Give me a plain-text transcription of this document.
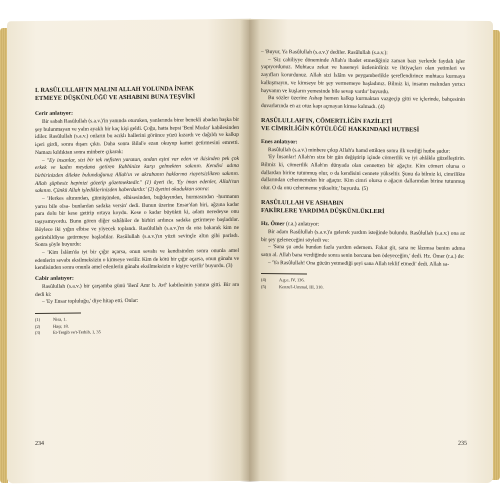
I. RASÛLULLAH'IN MALINI ALLAH YOLUNDA İNFAK
ETMEYE DÜŞKÜNLÜĞÜ VE ASHABINI BUNA TEŞVİKİ
Cerir anlatıyor:

Bir sabah Rasûlullah (s.a.v.)'in yanında oturuken, yanlarında birer benekli abadan başka bir şey bulunmayan ve yalın ayaklı bir kaç kişi geldi. Çoğu, hatta hepsi 'Benî Mudar' kabilesinden idiler. Rasûlullah (s.a.v.) onların bu acıklı hallerini görünce yüzü kızardı ve dağıldı ve kalkıp içeri girdi, sonra dışarı çıktı. Daha sonra Bilal'e ezan okuyup kamet getirmesini emretti. Namazı kıldıktan sonra minbere çıkarak:

– "Ey insanlar, sizi bir tek nefisten yaratan, ondan eşini var eden ve ikisinden pek çok erkek ve kadın meydana getiren Rabbinize karşı gelmekten sakının. Kendisi adına birbirinizden dilekte bulunduğunuz Allah'ın ve akrabanın haklarına riayetsizlikten sakının. Allah şüphesiz hepinizi gözetip gözetmektedir." (1) âyeti ile, 'Ey iman edenler, Allah'tan sakının. Çünkü Allah işlediklerinizden haberdardır.' (2) âyetini okuduktan sonra:

– 'Herkes altınından, gümüşünden, elbisesinden, buğdayından, hurmasından -hurmanın yarısı bile olsa- bunlardan sadaka versin' dedi. Bunun üzerine Ensar'dan biri, ağzına kadar para dolu bir kese getirip ortaya koydu. Kese o kadar büyüktü ki, adam neredeyse onu taşıyamıyordu. Bunu gören diğer sahâbiler de birbiri ardınca sadaka getirmeye başladılar. Böylece iki yığın elbise ve yiyecek toplandı. Rasûlullah (s.a.v.)'ın da ona bakarak kim ne getirebildiyse getirmeye başladılar. Rasûlullah (s.a.v.)'ın yüzü sevinçle altın gibi parladı. Sonra şöyle buyurdu:

– 'Kim İslâm'da iyi bir çığır açarsa, onun sevabı ve kendisinden sonra onunla amel edenlerin sevabı eksilmeksizin o kimseye verilir. Kim de kötü bir çığır açarsa, onun günahı ve kendisinden sonra onunla amel edenlerin günahı eksilmeksizin o kişiye verilir' buyurdu. (3)

Cabir anlatıyor:

Rasûlullah (s.a.v.) bir çarşamba günü 'Benî Amr b. Avf' kabilesinin yanına gitti. Bir ara dedi ki:

– 'Ey Ensar topluluğu,' diye hitap etti. Onlar:

(1)	Nisa, 1.
(2)	Haşr, 18.
(3)	Et-Tergib ve't-Terhib, 1, 35
234

– 'Buyur, Ya Rasûlullah (s.a.v.)' dediler. Rasûlullah (s.a.v.):

– 'Siz cahiliyye döneminde Allah'a ibadet etmediğiniz zaman bazı yerlerde faydalı işler yapıyordunuz. Muhtaca zekat ve haseneyi üstlenirdiniz ve ihtiyaçları olan yetimleri ve zayıfları korurdunuz. Allah sizi İslâm ve peygamberlikle şereflendirince muhtaca kurmaya kalkışmayın, ve kimseye bir şey vermemeye başladınız. Bilmiz ki, insanın malından yırtıcı hayvanın ve kuşların yemesinde bile sevap vardır' buyurdu.

Bu sözler üzerine Ashap hemen kalkıp kurmaktan vazgeçip gitti ve içlerinde, bahçesinin duvarlarında en az otuz kapı açmayan kimse kalmadı. (4)

RASÛLULLAH'IN, CÖMERTLİĞİN FAZİLETİ
VE CİMRİLİĞİN KÖTÜLÜĞÜ HAKKINDAKİ HUTBESİ
Enes anlatıyor:

Rasûlullah (s.a.v.) minbere çıkıp Allah'a hamd ettikten sonra ilk verdiği hutbe şudur:

'Ey İnsanlar! Allah'ın size bir gün değiştirip içinde cömertlik ve iyi ahlâkla güzelleştirin. Bilmiz ki, cömertlik Allah'ın dünyada olan cennetten bir ağaçtır. Kim cömert olursa o dallardan birine tutunmuş olur, o da kendisini cennete yükseltir. Şunu da bilmiz ki, cimrilikte dallarından cehennemden bir ağaçtır. Kim cimri olursa o ağacın dallarından birine tutunmuş olur. O da onu cehenneme yükseltir,' buyurdu. (5)

RASÛLULLAH VE ASHABIN
FAKİRLERE YARDIMA DÜŞKÜNLÜKLERİ
Hz. Ömer (r.a.) anlatıyor:

Bir adam Rasûlullah (s.a.v.)'a gelerek yardım isteğinde bulundu. Rasûlullah (s.a.v.) ona az bir şey geleneceğini söyledi ve:

– 'Sana şu anda bundan fazla yardım edemem. Fakat git, sana ne lâzımsa benim adıma satın al. Allah bana verdiğinde sonra senin borcunu ben ödeyeceğim,' dedi. Hz. Ömer (r.a.) de:

– 'Ya Rasûlullah! Ona gücün yetmediği şeyi sana Allah teklif etmedi' dedi. Allah sa-

(4)	A.g.e, IV, 136.
(5)	Kenzu'l-Ummal, III, 310.
235
